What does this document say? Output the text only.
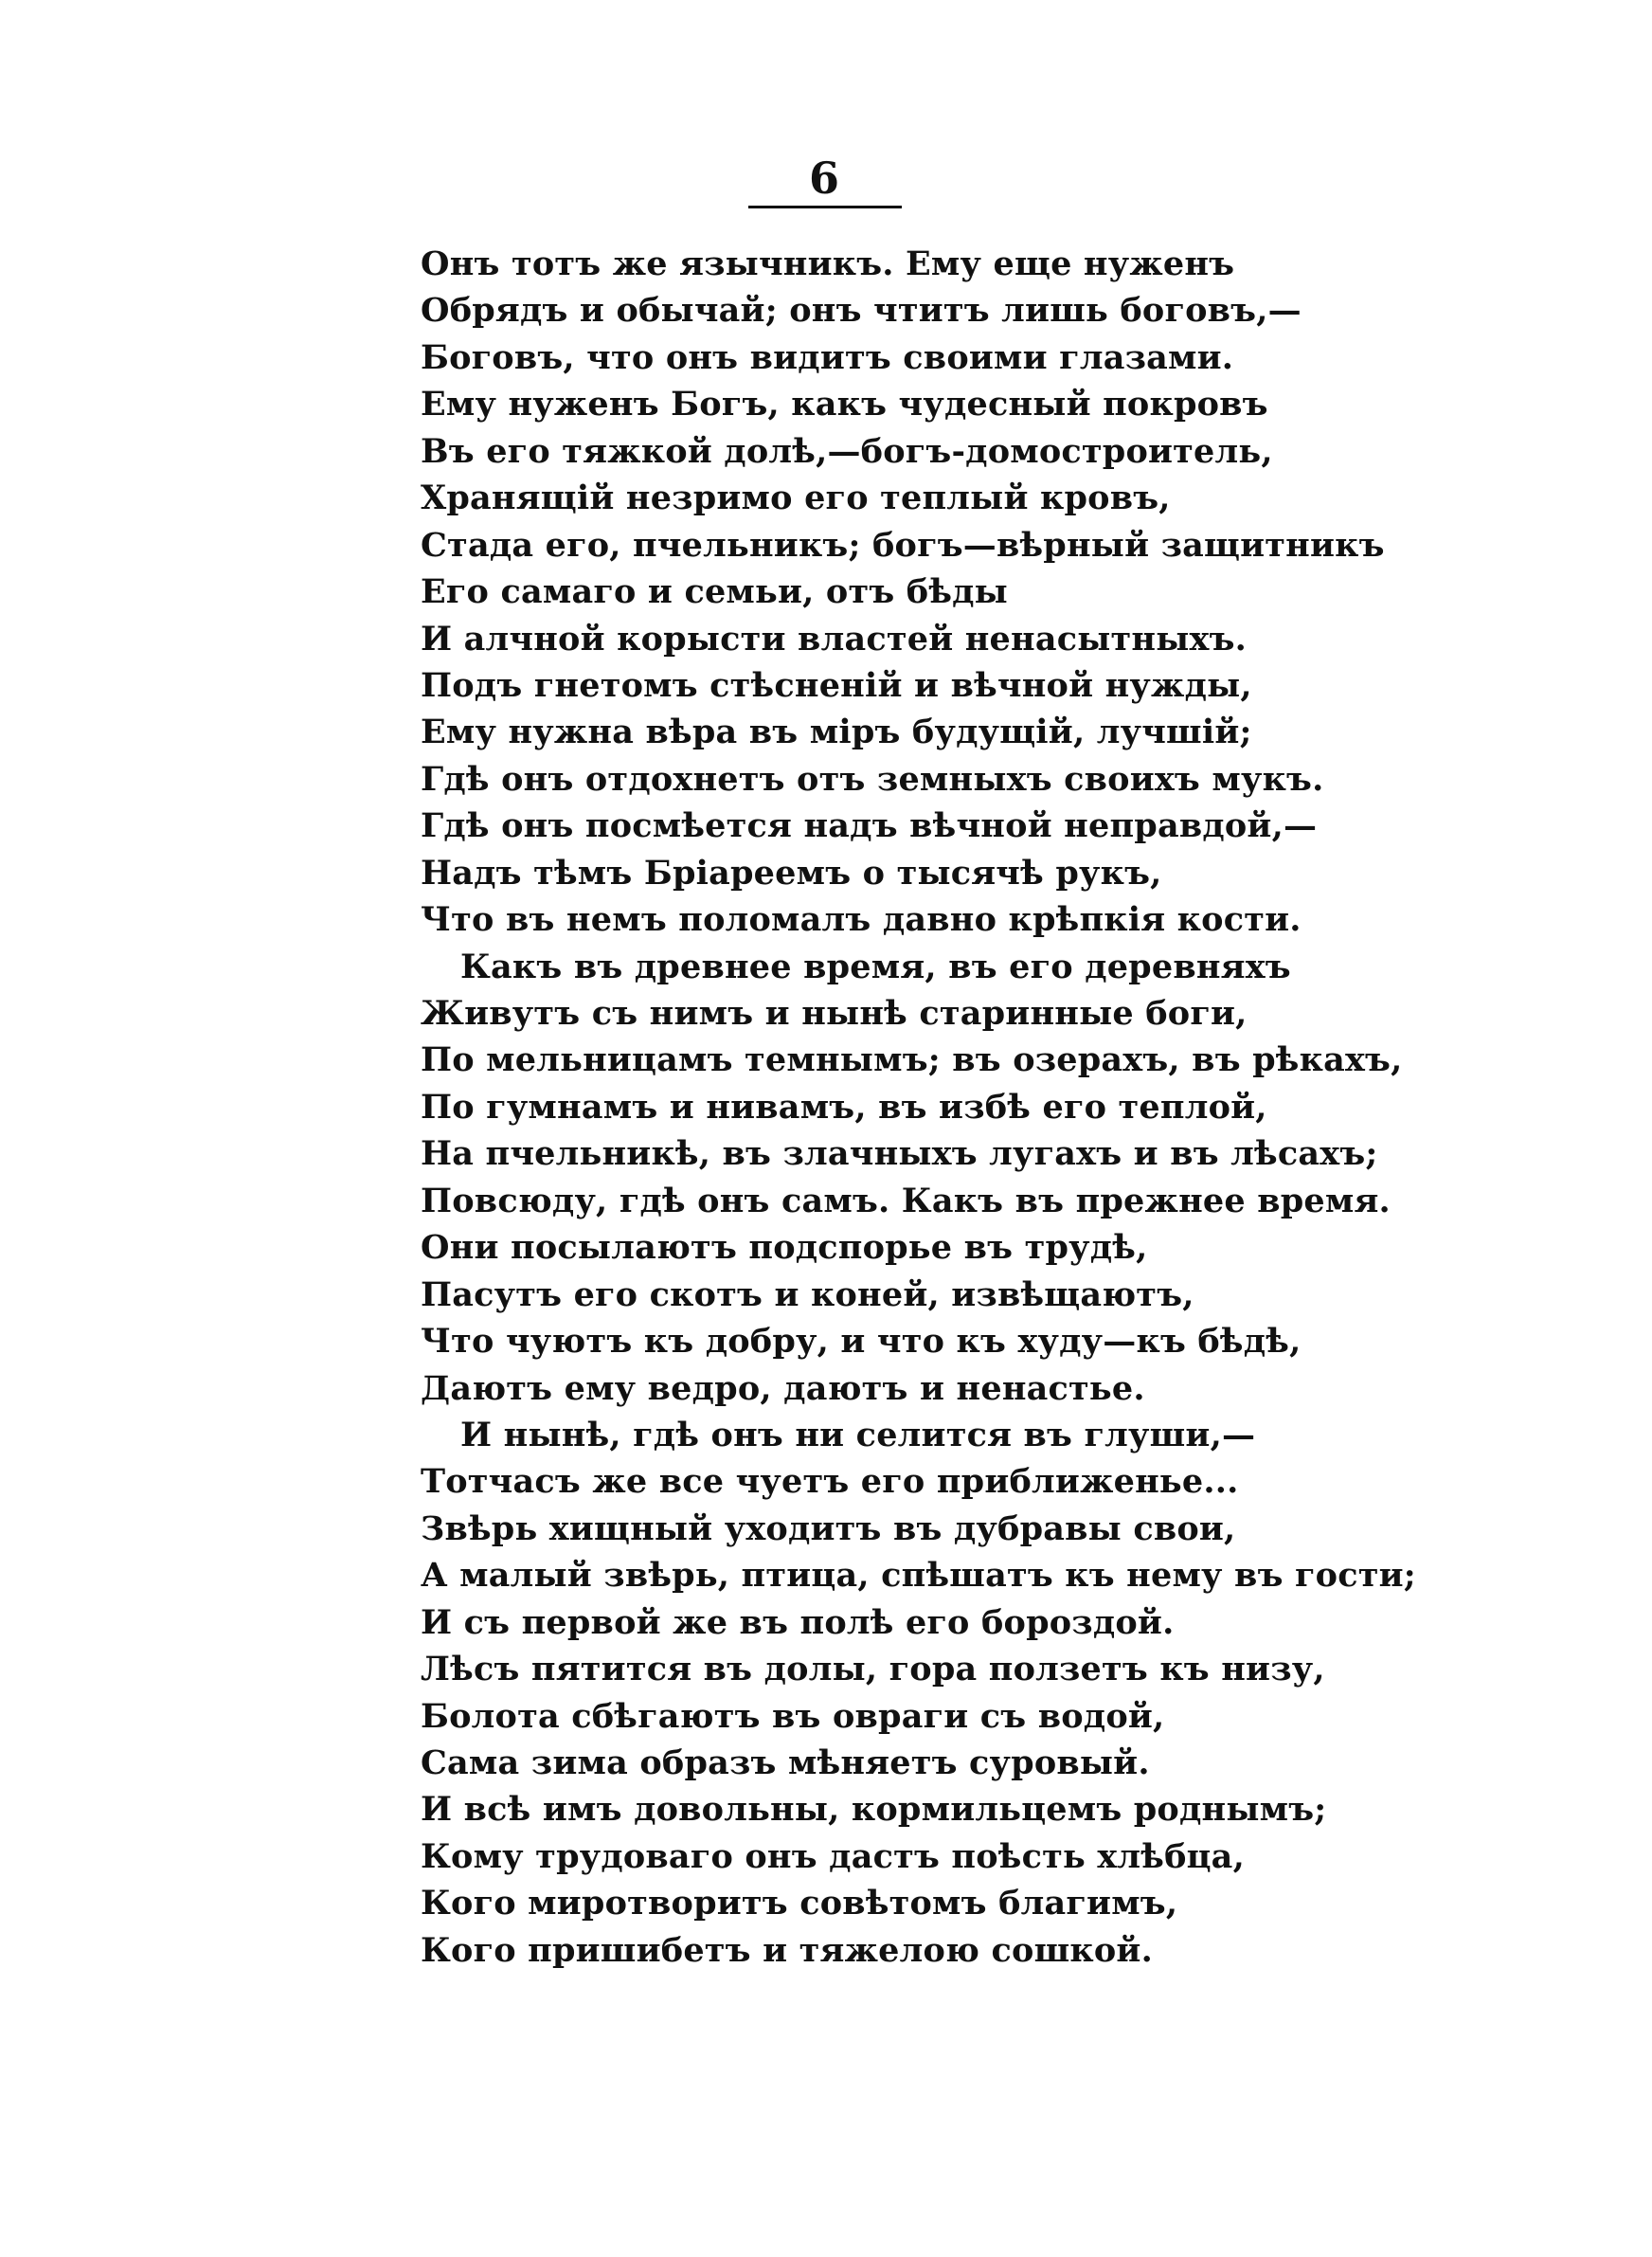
6
Онъ тотъ же язычникъ. Ему еще нуженъ
Обрядъ и обычай; онъ чтитъ лишь боговъ,—
Боговъ, что онъ видитъ своими глазами.
Ему нуженъ Богъ, какъ чудесный покровъ
Въ его тяжкой долѣ,—богъ-домостроитель,
Хранящій незримо его теплый кровъ,
Стада его, пчельникъ; богъ—вѣрный защитникъ
Его самаго и семьи, отъ бѣды
И алчной корысти властей ненасытныхъ.
Подъ гнетомъ стѣсненій и вѣчной нужды,
Ему нужна вѣра въ міръ будущій, лучшій;
Гдѣ онъ отдохнетъ отъ земныхъ своихъ мукъ.
Гдѣ онъ посмѣется надъ вѣчной неправдой,—
Надъ тѣмъ Бріареемъ о тысячѣ рукъ,
Что въ немъ поломалъ давно крѣпкія кости.
Какъ въ древнее время, въ его деревняхъ
Живутъ съ нимъ и нынѣ старинные боги,
По мельницамъ темнымъ; въ озерахъ, въ рѣкахъ,
По гумнамъ и нивамъ, въ избѣ его теплой,
На пчельникѣ, въ злачныхъ лугахъ и въ лѣсахъ;
Повсюду, гдѣ онъ самъ. Какъ въ прежнее время.
Они посылаютъ подспорье въ трудѣ,
Пасутъ его скотъ и коней, извѣщаютъ,
Что чуютъ къ добру, и что къ худу—къ бѣдѣ,
Даютъ ему ведро, даютъ и ненастье.
И нынѣ, гдѣ онъ ни селится въ глуши,—
Тотчасъ же все чуетъ его приближенье...
Звѣрь хищный уходитъ въ дубравы свои,
А малый звѣрь, птица, спѣшатъ къ нему въ гости;
И съ первой же въ полѣ его бороздой.
Лѣсъ пятится въ долы, гора ползетъ къ низу,
Болота сбѣгаютъ въ овраги съ водой,
Сама зима образъ мѣняетъ суровый.
И всѣ имъ довольны, кормильцемъ роднымъ;
Кому трудоваго онъ дастъ поѣсть хлѣбца,
Кого миротворитъ совѣтомъ благимъ,
Кого пришибетъ и тяжелою сошкой.
